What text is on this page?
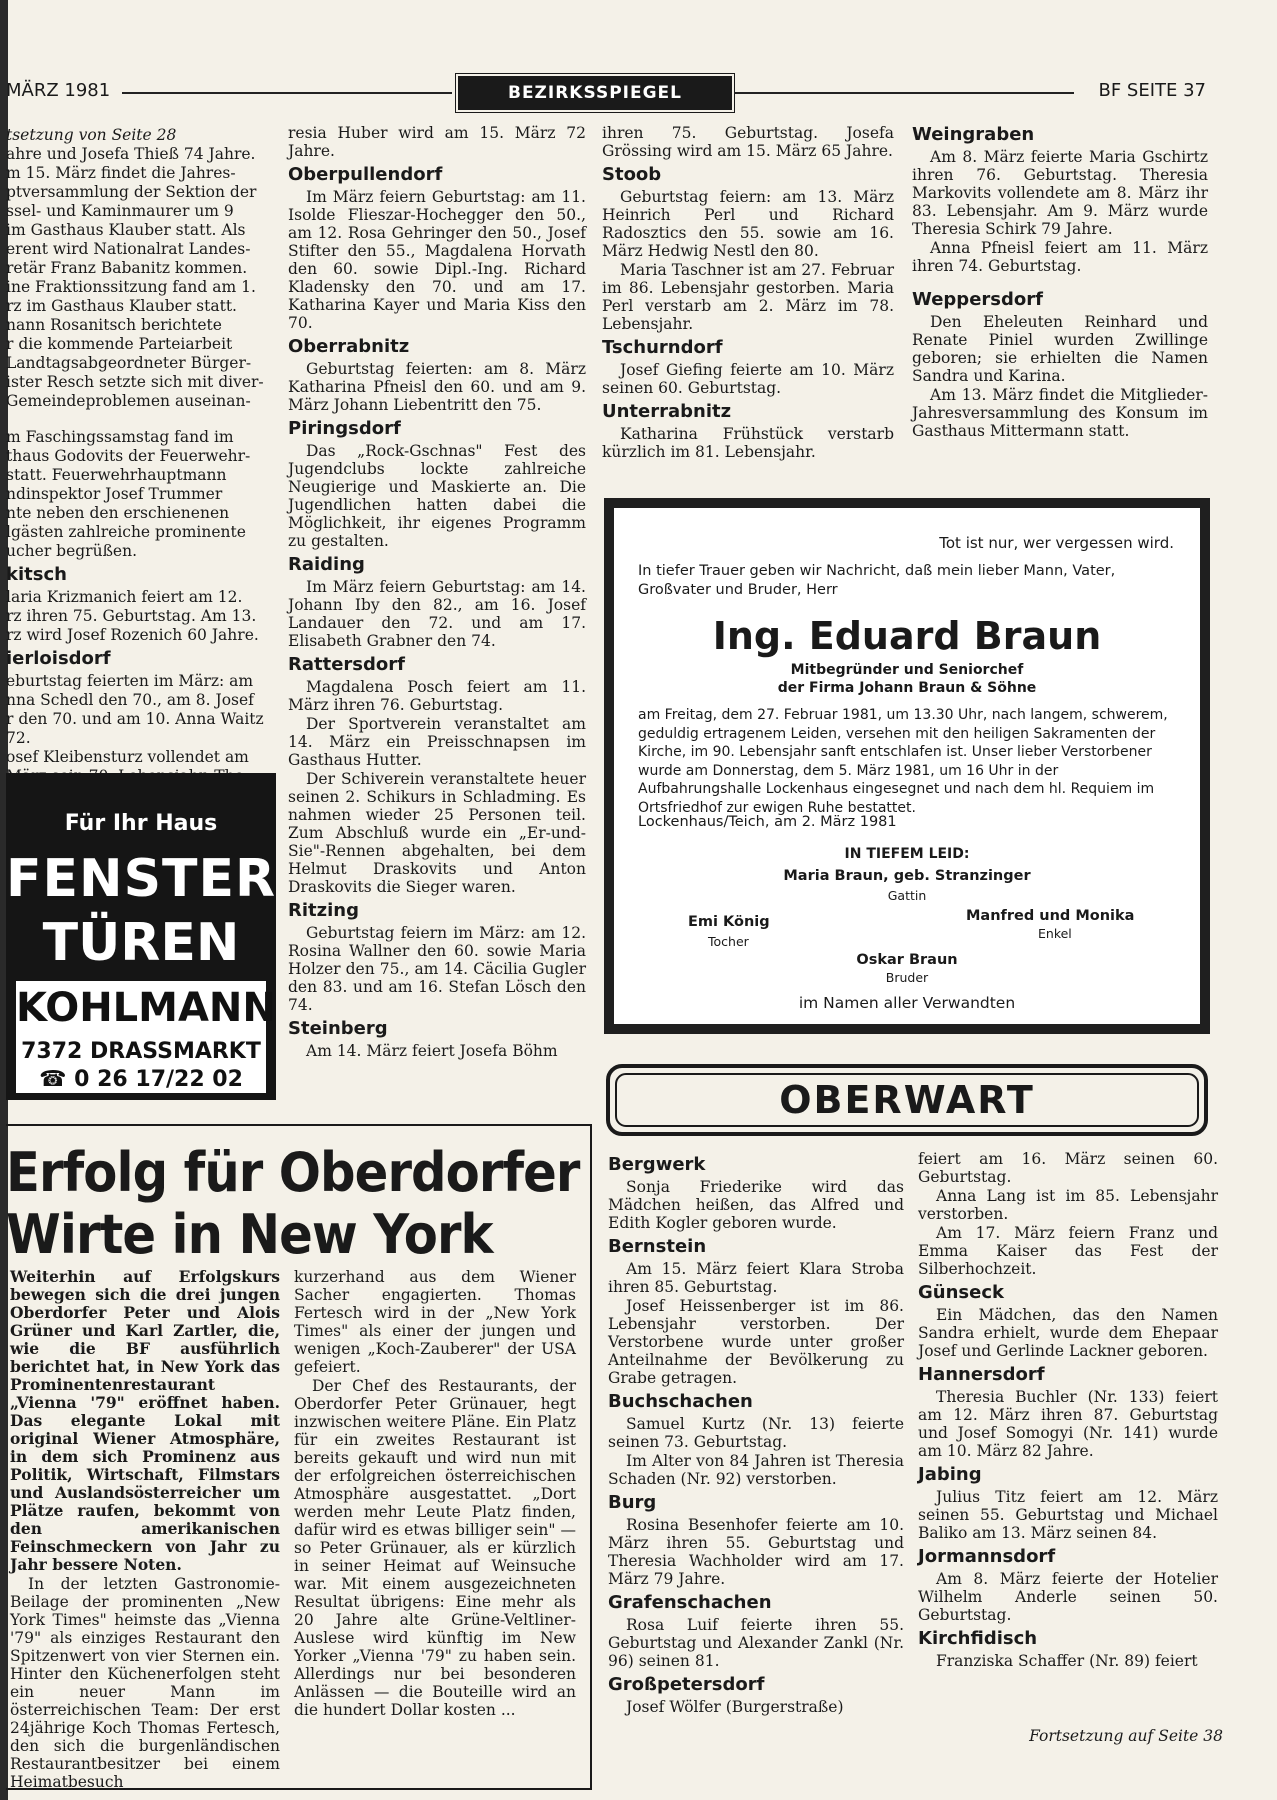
MÄRZ 1981	BEZIRKSSPIEGEL	BF SEITE 37

tsetzung von Seite 28

ahre und Josefa Thieß 74 Jahre.

m 15. März findet die Jahres-

ptversammlung der Sektion der

ssel- und Kaminmaurer um 9

im Gasthaus Klauber statt. Als

erent wird Nationalrat Landes-

retär Franz Babanitz kommen.

ine Fraktionssitzung fand am 1.

rz im Gasthaus Klauber statt.

nann Rosanitsch berichtete

r die kommende Parteiarbeit

Landtagsabgeordneter Bürger-

ister Resch setzte sich mit diver-

Gemeindeproblemen auseinan-

m Faschingssamstag fand im

thaus Godovits der Feuerwehr-

statt. Feuerwehrhauptmann

ndinspektor Josef Trummer

nte neben den erschienenen

lgästen zahlreiche prominente

ucher begrüßen.

kitsch

laria Krizmanich feiert am 12.

rz ihren 75. Geburtstag. Am 13.

rz wird Josef Rozenich 60 Jahre.

ierloisdorf

eburtstag feierten im März: am

nna Schedl den 70., am 8. Josef

r den 70. und am 10. Anna Waitz

72.

osef Kleibensturz vollendet am

Für Ihr Haus
FENSTER
TÜREN
KOHLMANN
7372 DRASSMARKT
☎ 0 26 17/22 02

resia Huber wird am 15. März 72 Jahre.

Oberpullendorf

Im März feiern Geburtstag: am 11. Isolde Flieszar-Hochegger den 50., am 12. Rosa Gehringer den 50., Josef Stifter den 55., Magdalena Horvath den 60. sowie Dipl.-Ing. Richard Kladensky den 70. und am 17. Katharina Kayer und Maria Kiss den 70.

Oberrabnitz

Geburtstag feierten: am 8. März Katharina Pfneisl den 60. und am 9. März Johann Liebentritt den 75.

Piringsdorf

Das „Rock-Gschnas" Fest des Jugendclubs lockte zahlreiche Neugierige und Maskierte an. Die Jugendlichen hatten dabei die Möglichkeit, ihr eigenes Programm zu gestalten.

Raiding

Im März feiern Geburtstag: am 14. Johann Iby den 82., am 16. Josef Landauer den 72. und am 17. Elisabeth Grabner den 74.

Rattersdorf

Magdalena Posch feiert am 11. März ihren 76. Geburtstag.

Der Sportverein veranstaltet am 14. März ein Preisschnapsen im Gasthaus Hutter.

Der Schiverein veranstaltete heuer seinen 2. Schikurs in Schladming. Es nahmen wieder 25 Personen teil. Zum Abschluß wurde ein „Er-und-Sie"-Rennen abgehalten, bei dem Helmut Draskovits und Anton Draskovits die Sieger waren.

Ritzing

Geburtstag feiern im März: am 12. Rosina Wallner den 60. sowie Maria Holzer den 75., am 14. Cäcilia Gugler den 83. und am 16. Stefan Lösch den 74.

Steinberg

Am 14. März feiert Josefa Böhm

ihren 75. Geburtstag. Josefa Grössing wird am 15. März 65 Jahre.

Stoob

Geburtstag feiern: am 13. März Heinrich Perl und Richard Radosztics den 55. sowie am 16. März Hedwig Nestl den 80.

Maria Taschner ist am 27. Februar im 86. Lebensjahr gestorben. Maria Perl verstarb am 2. März im 78. Lebensjahr.

Tschurndorf

Josef Giefing feierte am 10. März seinen 60. Geburtstag.

Unterrabnitz

Katharina Frühstück verstarb kürzlich im 81. Lebensjahr.

Weingraben

Am 8. März feierte Maria Gschirtz ihren 76. Geburtstag. Theresia Markovits vollendete am 8. März ihr 83. Lebensjahr. Am 9. März wurde Theresia Schirk 79 Jahre.

Anna Pfneisl feiert am 11. März ihren 74. Geburtstag.

Weppersdorf

Den Eheleuten Reinhard und Renate Piniel wurden Zwillinge geboren; sie erhielten die Namen Sandra und Karina.

Am 13. März findet die Mitglieder-Jahresversammlung des Konsum im Gasthaus Mittermann statt.

Tot ist nur, wer vergessen wird.
In tiefer Trauer geben wir Nachricht, daß mein lieber Mann, Vater, Großvater und Bruder, Herr
Ing. Eduard Braun
Mitbegründer und Seniorchef
der Firma Johann Braun & Söhne
am Freitag, dem 27. Februar 1981, um 13.30 Uhr, nach langem, schwerem, geduldig ertragenem Leiden, versehen mit den heiligen Sakramenten der Kirche, im 90. Lebensjahr sanft entschlafen ist. Unser lieber Verstorbener wurde am Donnerstag, dem 5. März 1981, um 16 Uhr in der Aufbahrungshalle Lockenhaus eingesegnet und nach dem hl. Requiem im Ortsfriedhof zur ewigen Ruhe bestattet.
Lockenhaus/Teich, am 2. März 1981
IN TIEFEM LEID:
Maria Braun, geb. Stranzinger
Gattin
Emi König
Tocher
Manfred und Monika
Enkel
Oskar Braun
Bruder
im Namen aller Verwandten
OBERWART
Erfolg für Oberdorfer
Wirte in New York

Weiterhin auf Erfolgskurs bewegen sich die drei jungen Oberdorfer Peter und Alois Grüner und Karl Zartler, die, wie die BF ausführlich berichtet hat, in New York das Prominentenrestaurant „Vienna '79" eröffnet haben. Das elegante Lokal mit original Wiener Atmosphäre, in dem sich Prominenz aus Politik, Wirtschaft, Filmstars und Auslandsösterreicher um Plätze raufen, bekommt von den amerikanischen Feinschmeckern von Jahr zu Jahr bessere Noten.

In der letzten Gastronomie-Beilage der prominenten „New York Times" heimste das „Vienna '79" als einziges Restaurant den Spitzenwert von vier Sternen ein. Hinter den Küchenerfolgen steht ein neuer Mann im österreichischen Team: Der erst 24jährige Koch Thomas Fertesch, den sich die burgenländischen Restaurantbesitzer bei einem Heimatbesuch

kurzerhand aus dem Wiener Sacher engagierten. Thomas Fertesch wird in der „New York Times" als einer der jungen und wenigen „Koch-Zauberer" der USA gefeiert.

Der Chef des Restaurants, der Oberdorfer Peter Grünauer, hegt inzwischen weitere Pläne. Ein Platz für ein zweites Restaurant ist bereits gekauft und wird nun mit der erfolgreichen österreichischen Atmosphäre ausgestattet. „Dort werden mehr Leute Platz finden, dafür wird es etwas billiger sein" — so Peter Grünauer, als er kürzlich in seiner Heimat auf Weinsuche war. Mit einem ausgezeichneten Resultat übrigens: Eine mehr als 20 Jahre alte Grüne-Veltliner-Auslese wird künftig im New Yorker „Vienna '79" zu haben sein. Allerdings nur bei besonderen Anlässen — die Bouteille wird an die hundert Dollar kosten ...

Bergwerk

Sonja Friederike wird das Mädchen heißen, das Alfred und Edith Kogler geboren wurde.

Bernstein

Am 15. März feiert Klara Stroba ihren 85. Geburtstag.

Josef Heissenberger ist im 86. Lebensjahr verstorben. Der Verstorbene wurde unter großer Anteilnahme der Bevölkerung zu Grabe getragen.

Buchschachen

Samuel Kurtz (Nr. 13) feierte seinen 73. Geburtstag.

Im Alter von 84 Jahren ist Theresia Schaden (Nr. 92) verstorben.

Burg

Rosina Besenhofer feierte am 10. März ihren 55. Geburtstag und Theresia Wachholder wird am 17. März 79 Jahre.

Grafenschachen

Rosa Luif feierte ihren 55. Geburtstag und Alexander Zankl (Nr. 96) seinen 81.

Großpetersdorf

Josef Wölfer (Burgerstraße)

feiert am 16. März seinen 60. Geburtstag.

Anna Lang ist im 85. Lebensjahr verstorben.

Am 17. März feiern Franz und Emma Kaiser das Fest der Silberhochzeit.

Günseck

Ein Mädchen, das den Namen Sandra erhielt, wurde dem Ehepaar Josef und Gerlinde Lackner geboren.

Hannersdorf

Theresia Buchler (Nr. 133) feiert am 12. März ihren 87. Geburtstag und Josef Somogyi (Nr. 141) wurde am 10. März 82 Jahre.

Jabing

Julius Titz feiert am 12. März seinen 55. Geburtstag und Michael Baliko am 13. März seinen 84.

Jormannsdorf

Am 8. März feierte der Hotelier Wilhelm Anderle seinen 50. Geburtstag.

Kirchfidisch

Franziska Schaffer (Nr. 89) feiert

Fortsetzung auf Seite 38
